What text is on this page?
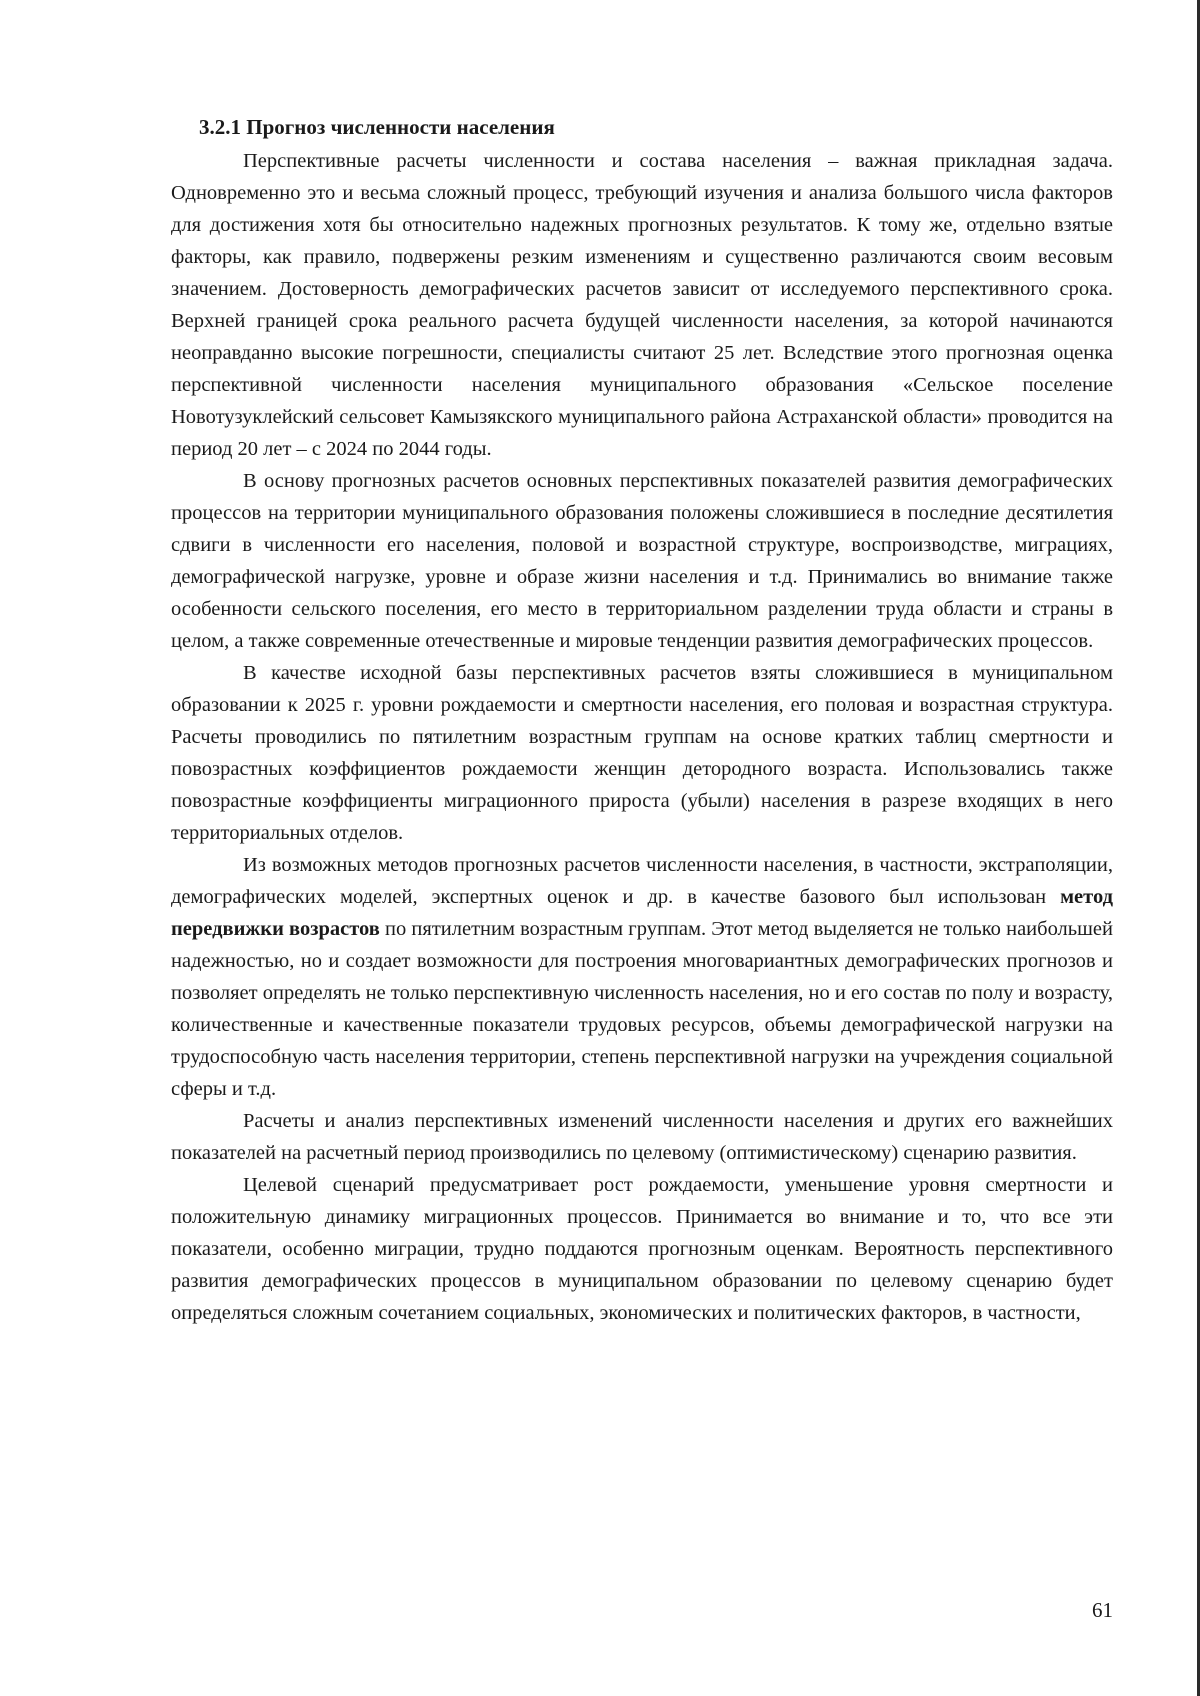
3.2.1 Прогноз численности населения

Перспективные расчеты численности и состава населения – важная прикладная задача. Одновременно это и весьма сложный процесс, требующий изучения и анализа большого числа факторов для достижения хотя бы относительно надежных прогнозных результатов. К тому же, отдельно взятые факторы, как правило, подвержены резким изменениям и существенно различаются своим весовым значением. Достоверность демографических расчетов зависит от исследуемого перспективного срока. Верхней границей срока реального расчета будущей численности населения, за которой начинаются неоправданно высокие погрешности, специалисты считают 25 лет. Вследствие этого прогнозная оценка перспективной численности населения муниципального образования «Сельское поселение Новотузуклейский сельсовет Камызякского муниципального района Астраханской области» проводится на период 20 лет – с 2024 по 2044 годы.

В основу прогнозных расчетов основных перспективных показателей развития демографических процессов на территории муниципального образования положены сложившиеся в последние десятилетия сдвиги в численности его населения, половой и возрастной структуре, воспроизводстве, миграциях, демографической нагрузке, уровне и образе жизни населения и т.д. Принимались во внимание также особенности сельского поселения, его место в территориальном разделении труда области и страны в целом, а также современные отечественные и мировые тенденции развития демографических процессов.

В качестве исходной базы перспективных расчетов взяты сложившиеся в муниципальном образовании к 2025 г. уровни рождаемости и смертности населения, его половая и возрастная структура. Расчеты проводились по пятилетним возрастным группам на основе кратких таблиц смертности и повозрастных коэффициентов рождаемости женщин детородного возраста. Использовались также повозрастные коэффициенты миграционного прироста (убыли) населения в разрезе входящих в него территориальных отделов.

Из возможных методов прогнозных расчетов численности населения, в частности, экстраполяции, демографических моделей, экспертных оценок и др. в качестве базового был использован метод передвижки возрастов по пятилетним возрастным группам. Этот метод выделяется не только наибольшей надежностью, но и создает возможности для построения многовариантных демографических прогнозов и позволяет определять не только перспективную численность населения, но и его состав по полу и возрасту, количественные и качественные показатели трудовых ресурсов, объемы демографической нагрузки на трудоспособную часть населения территории, степень перспективной нагрузки на учреждения социальной сферы и т.д.

Расчеты и анализ перспективных изменений численности населения и других его важнейших показателей на расчетный период производились по целевому (оптимистическому) сценарию развития.

Целевой сценарий предусматривает рост рождаемости, уменьшение уровня смертности и положительную динамику миграционных процессов. Принимается во внимание и то, что все эти показатели, особенно миграции, трудно поддаются прогнозным оценкам. Вероятность перспективного развития демографических процессов в муниципальном образовании по целевому сценарию будет определяться сложным сочетанием социальных, экономических и политических факторов, в частности,

61
